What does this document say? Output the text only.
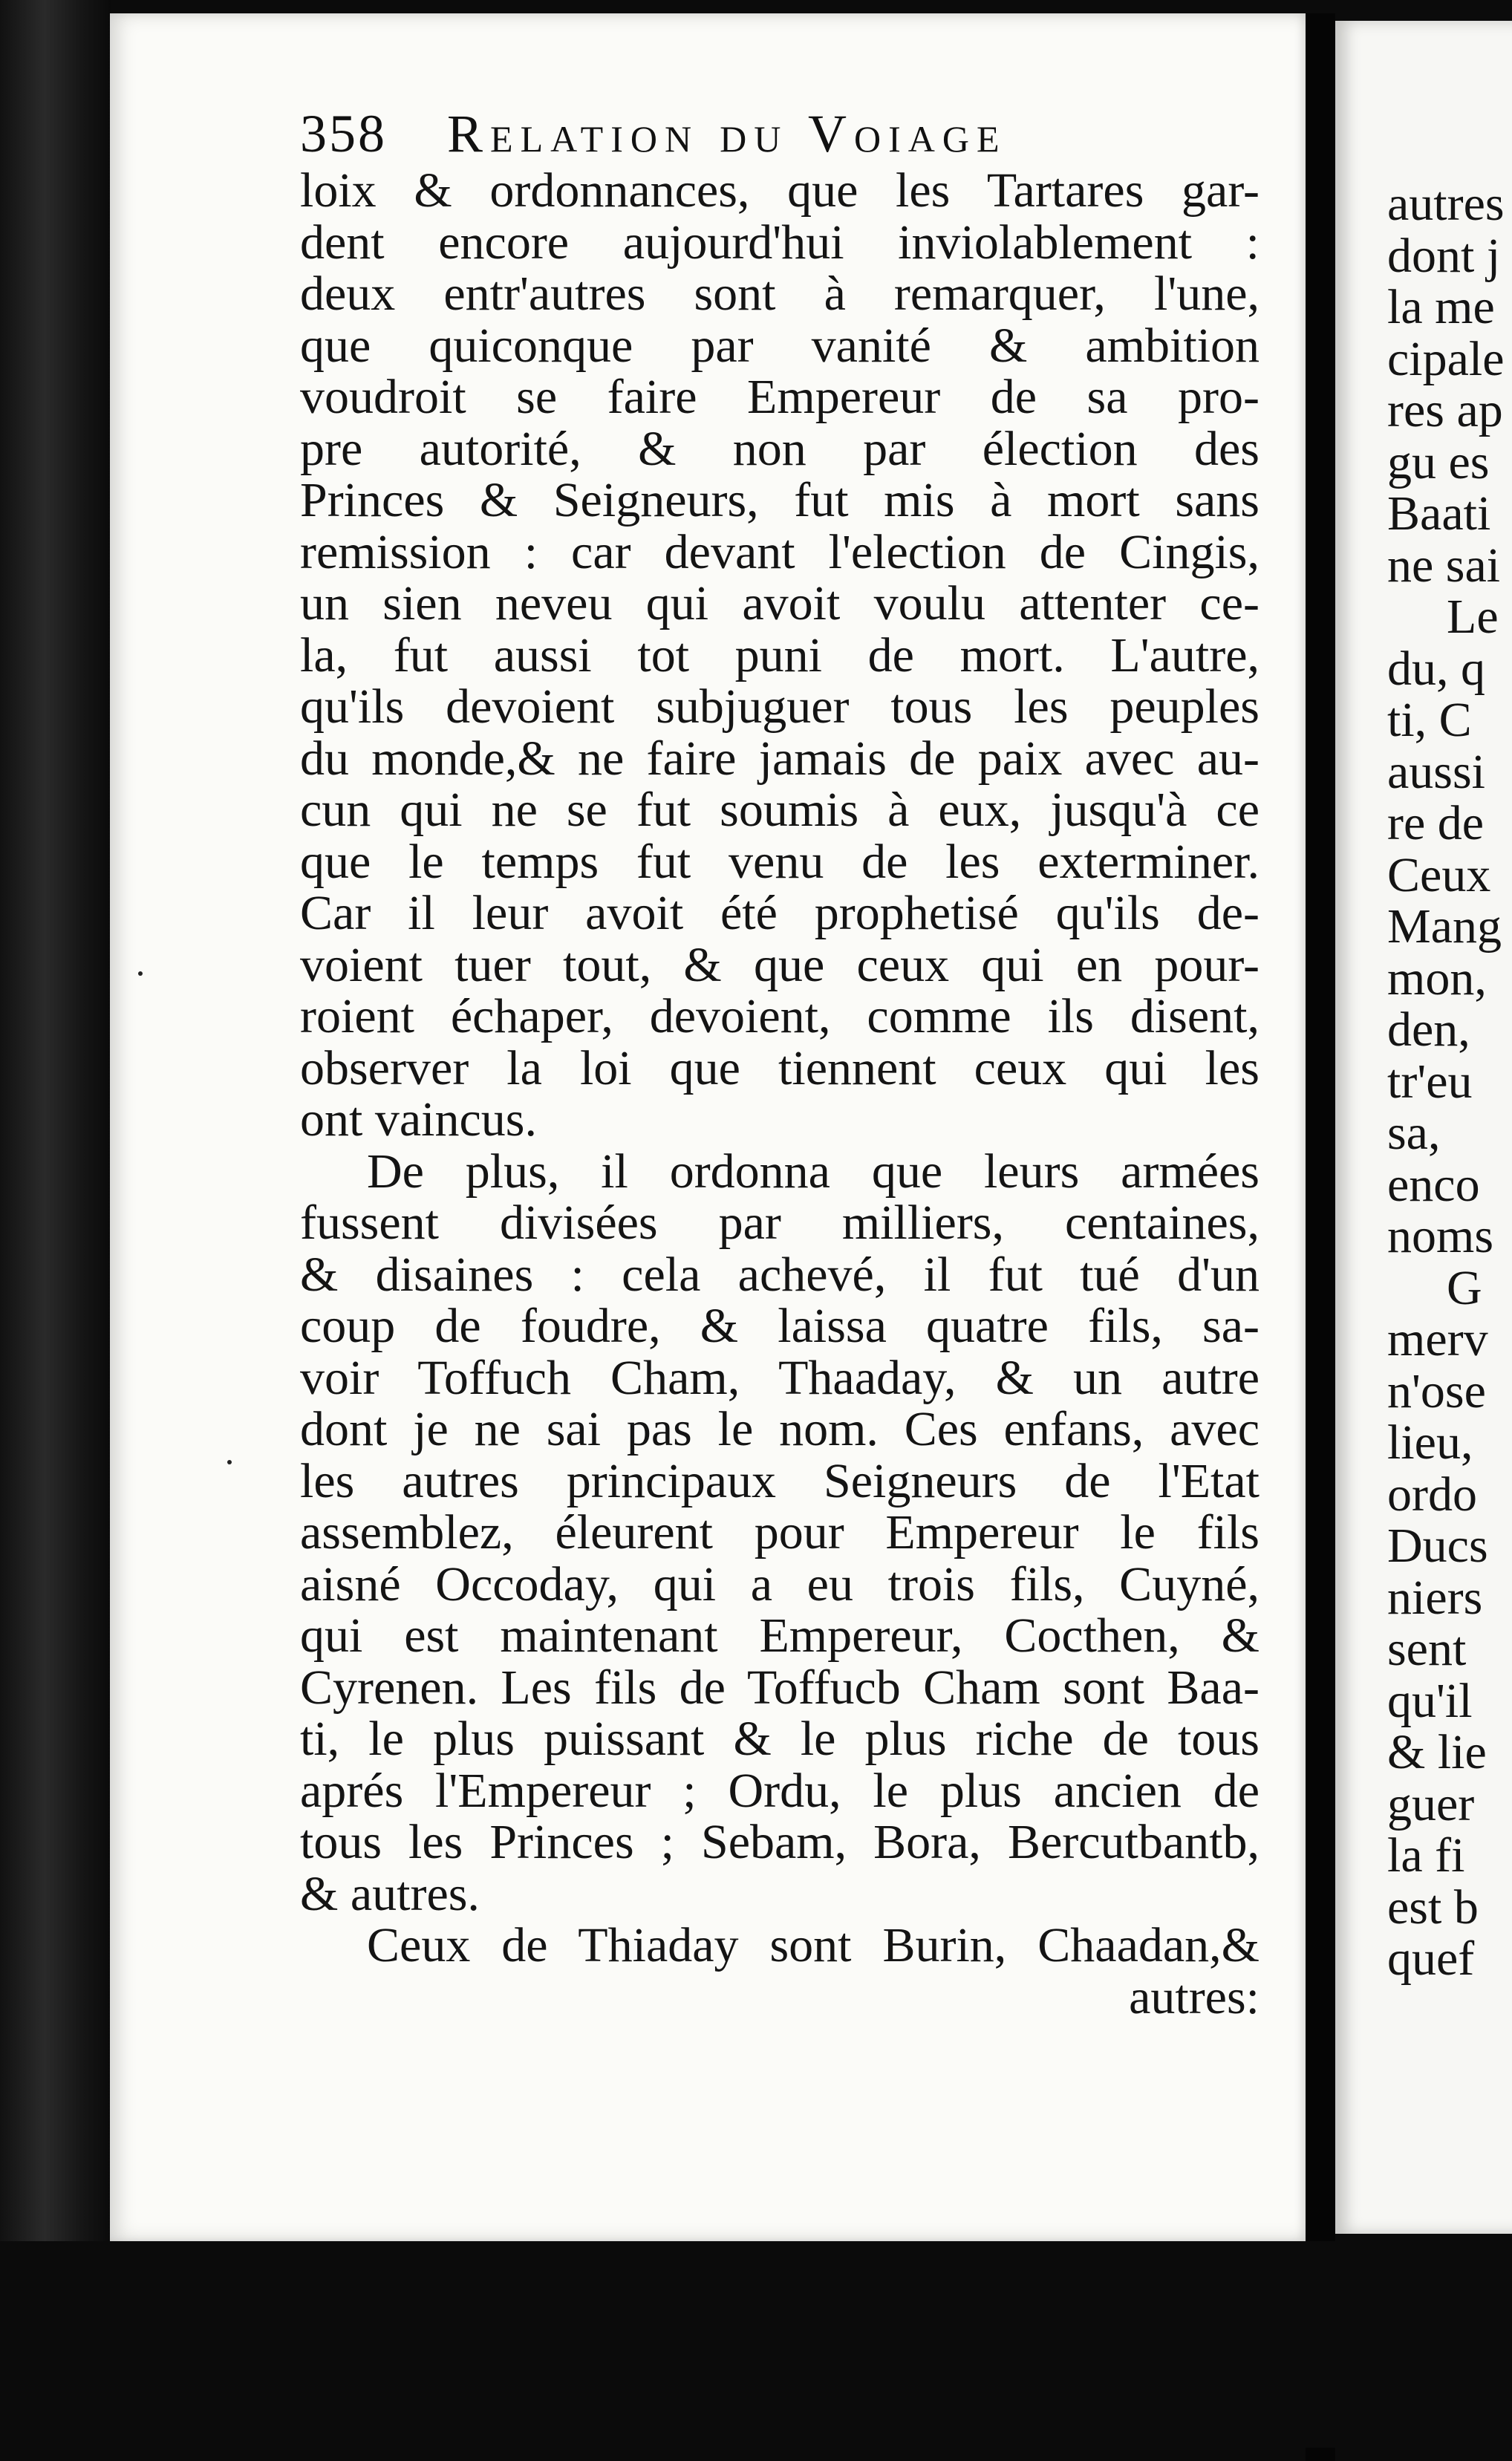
358 Relation du Voiage
loix & ordonnances, que les Tartares gar-
dent encore aujourd'hui inviolablement :
deux entr'autres sont à remarquer, l'une,
que quiconque par vanité & ambition
voudroit se faire Empereur de sa pro-
pre autorité, & non par élection des
Princes & Seigneurs, fut mis à mort sans
remission : car devant l'election de Cingis,
un sien neveu qui avoit voulu attenter ce-
la, fut aussi tot puni de mort. L'autre,
qu'ils devoient subjuguer tous les peuples
du monde,& ne faire jamais de paix avec au-
cun qui ne se fut soumis à eux, jusqu'à ce
que le temps fut venu de les exterminer.
Car il leur avoit été prophetisé qu'ils de-
voient tuer tout, & que ceux qui en pour-
roient échaper, devoient, comme ils disent,
observer la loi que tiennent ceux qui les
ont vaincus.
De plus, il ordonna que leurs armées
fussent divisées par milliers, centaines,
& disaines : cela achevé, il fut tué d'un
coup de foudre, & laissa quatre fils, sa-
voir Toffuch Cham, Thaaday, & un autre
dont je ne sai pas le nom. Ces enfans, avec
les autres principaux Seigneurs de l'Etat
assemblez, éleurent pour Empereur le fils
aisné Occoday, qui a eu trois fils, Cuyné,
qui est maintenant Empereur, Cocthen, &
Cyrenen. Les fils de Toffucb Cham sont Baa-
ti, le plus puissant & le plus riche de tous
aprés l'Empereur ; Ordu, le plus ancien de
tous les Princes ; Sebam, Bora, Bercutbantb,
& autres.
Ceux de Thiaday sont Burin, Chaadan,&
autres:
autres
dont j
la me
cipale
res ap
gu es
Baati
ne sai
Le
du, q
ti, C
aussi
re de
Ceux
Mang
mon,
den,
tr'eu
sa,
enco
noms
G
merv
n'ose
lieu,
ordo
Ducs
niers
sent
qu'il
& lie
guer
la fi
est b
quef
